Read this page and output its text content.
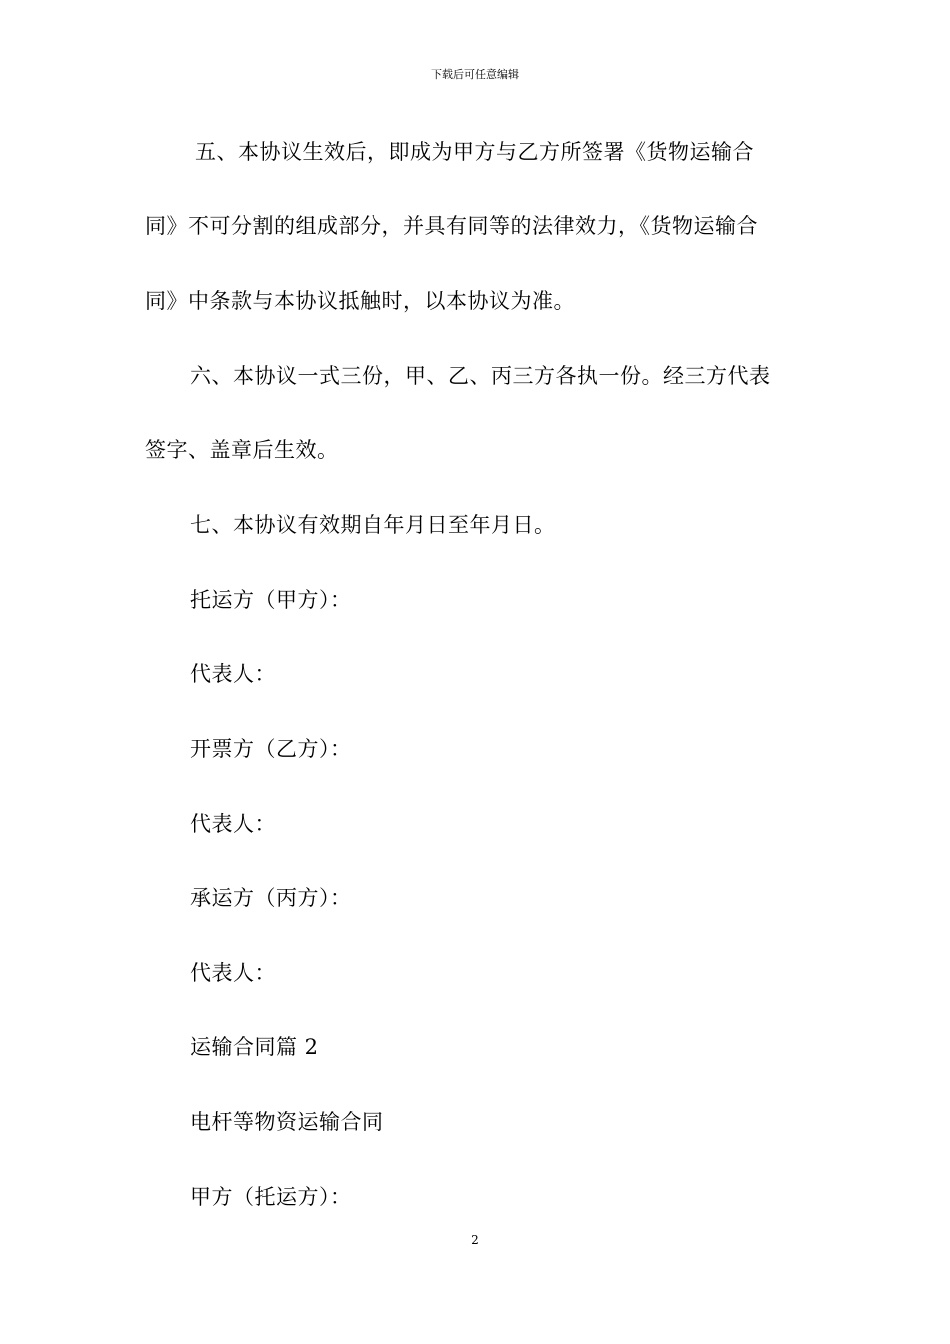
下载后可任意编辑
五、本协议生效后，即成为甲方与乙方所签署《货物运输合
同》不可分割的组成部分，并具有同等的法律效力，《货物运输合
同》中条款与本协议抵触时，以本协议为准。
六、本协议一式三份，甲、乙、丙三方各执一份。经三方代表
签字、盖章后生效。
七、本协议有效期自年月日至年月日。
托运方（甲方）：
代表人：
开票方（乙方）：
代表人：
承运方（丙方）：
代表人：
运输合同篇 2
电杆等物资运输合同
甲方（托运方）：
2
